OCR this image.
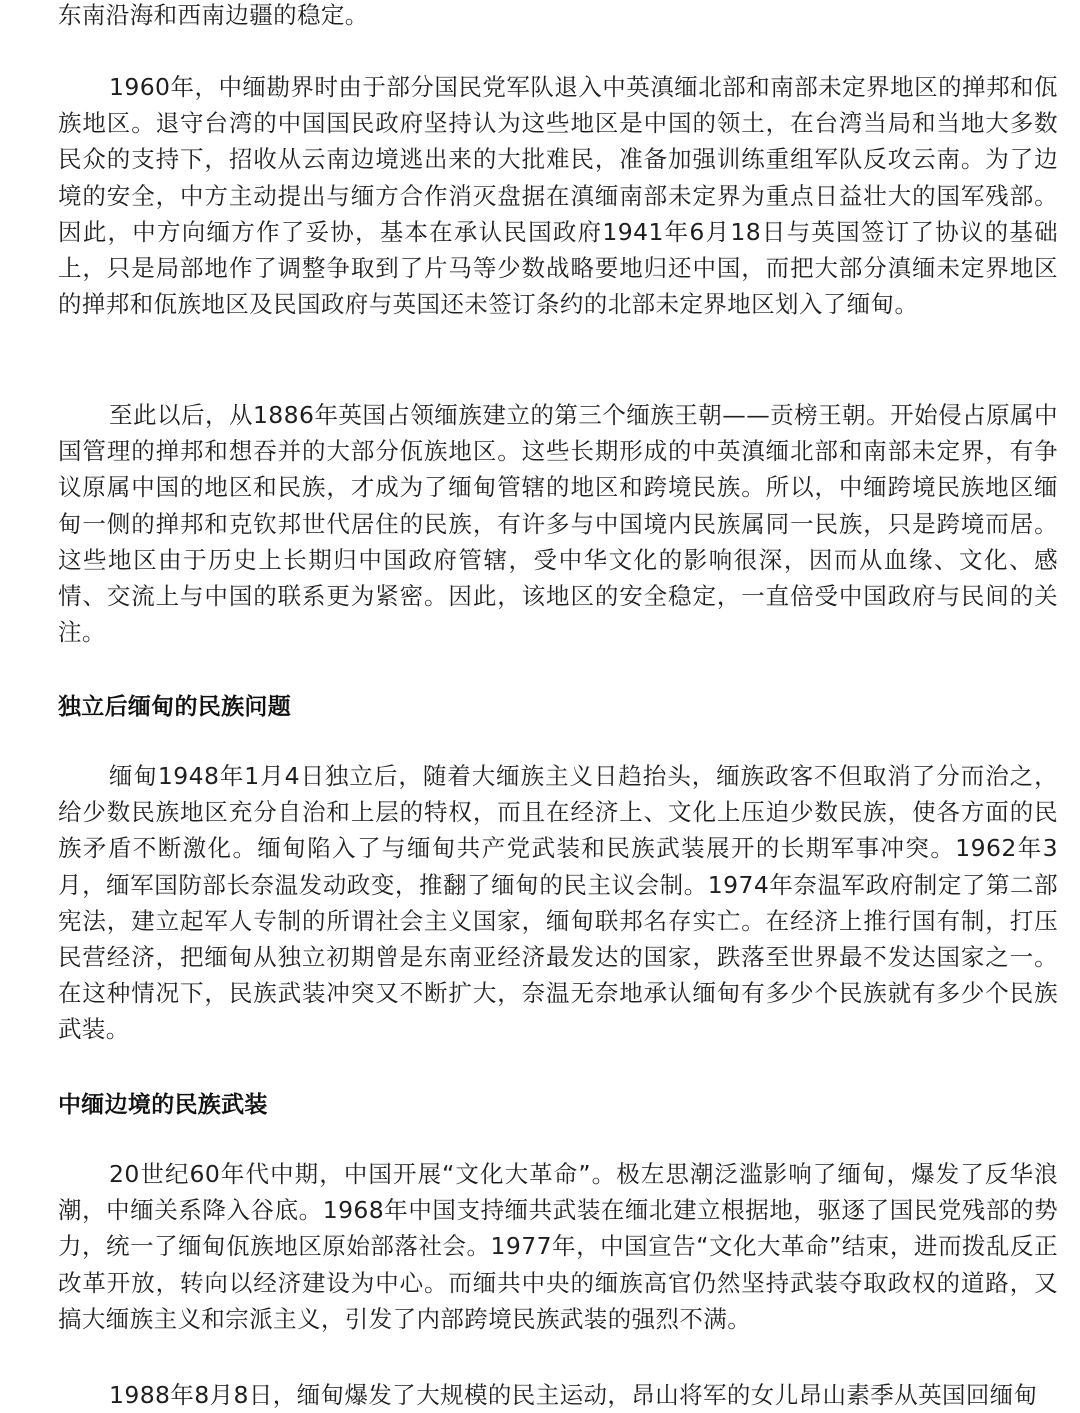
东南沿海和西南边疆的稳定。

1960年，中缅勘界时由于部分国民党军队退入中英滇缅北部和南部未定界地区的掸邦和佤族地区。退守台湾的中国国民政府坚持认为这些地区是中国的领土，在台湾当局和当地大多数民众的支持下，招收从云南边境逃出来的大批难民，准备加强训练重组军队反攻云南。为了边境的安全，中方主动提出与缅方合作消灭盘据在滇缅南部未定界为重点日益壮大的国军残部。因此，中方向缅方作了妥协，基本在承认民国政府1941年6月18日与英国签订了协议的基础上，只是局部地作了调整争取到了片马等少数战略要地归还中国，而把大部分滇缅未定界地区的掸邦和佤族地区及民国政府与英国还未签订条约的北部未定界地区划入了缅甸。

至此以后，从1886年英国占领缅族建立的第三个缅族王朝——贡榜王朝。开始侵占原属中国管理的掸邦和想吞并的大部分佤族地区。这些长期形成的中英滇缅北部和南部未定界，有争议原属中国的地区和民族，才成为了缅甸管辖的地区和跨境民族。所以，中缅跨境民族地区缅甸一侧的掸邦和克钦邦世代居住的民族，有许多与中国境内民族属同一民族，只是跨境而居。这些地区由于历史上长期归中国政府管辖，受中华文化的影响很深，因而从血缘、文化、感情、交流上与中国的联系更为紧密。因此，该地区的安全稳定，一直倍受中国政府与民间的关注。

独立后缅甸的民族问题

缅甸1948年1月4日独立后，随着大缅族主义日趋抬头，缅族政客不但取消了分而治之，给少数民族地区充分自治和上层的特权，而且在经济上、文化上压迫少数民族，使各方面的民族矛盾不断激化。缅甸陷入了与缅甸共产党武装和民族武装展开的长期军事冲突。1962年3月，缅军国防部长奈温发动政变，推翻了缅甸的民主议会制。1974年奈温军政府制定了第二部宪法，建立起军人专制的所谓社会主义国家，缅甸联邦名存实亡。在经济上推行国有制，打压民营经济，把缅甸从独立初期曾是东南亚经济最发达的国家，跌落至世界最不发达国家之一。在这种情况下，民族武装冲突又不断扩大，奈温无奈地承认缅甸有多少个民族就有多少个民族武装。

中缅边境的民族武装

20世纪60年代中期，中国开展“文化大革命”。极左思潮泛滥影响了缅甸，爆发了反华浪潮，中缅关系降入谷底。1968年中国支持缅共武装在缅北建立根据地，驱逐了国民党残部的势力，统一了缅甸佤族地区原始部落社会。1977年，中国宣告“文化大革命”结束，进而拨乱反正改革开放，转向以经济建设为中心。而缅共中央的缅族高官仍然坚持武装夺取政权的道路，又搞大缅族主义和宗派主义，引发了内部跨境民族武装的强烈不满。

1988年8月8日，缅甸爆发了大规模的民主运动，昂山将军的女儿昂山素季从英国回缅甸
